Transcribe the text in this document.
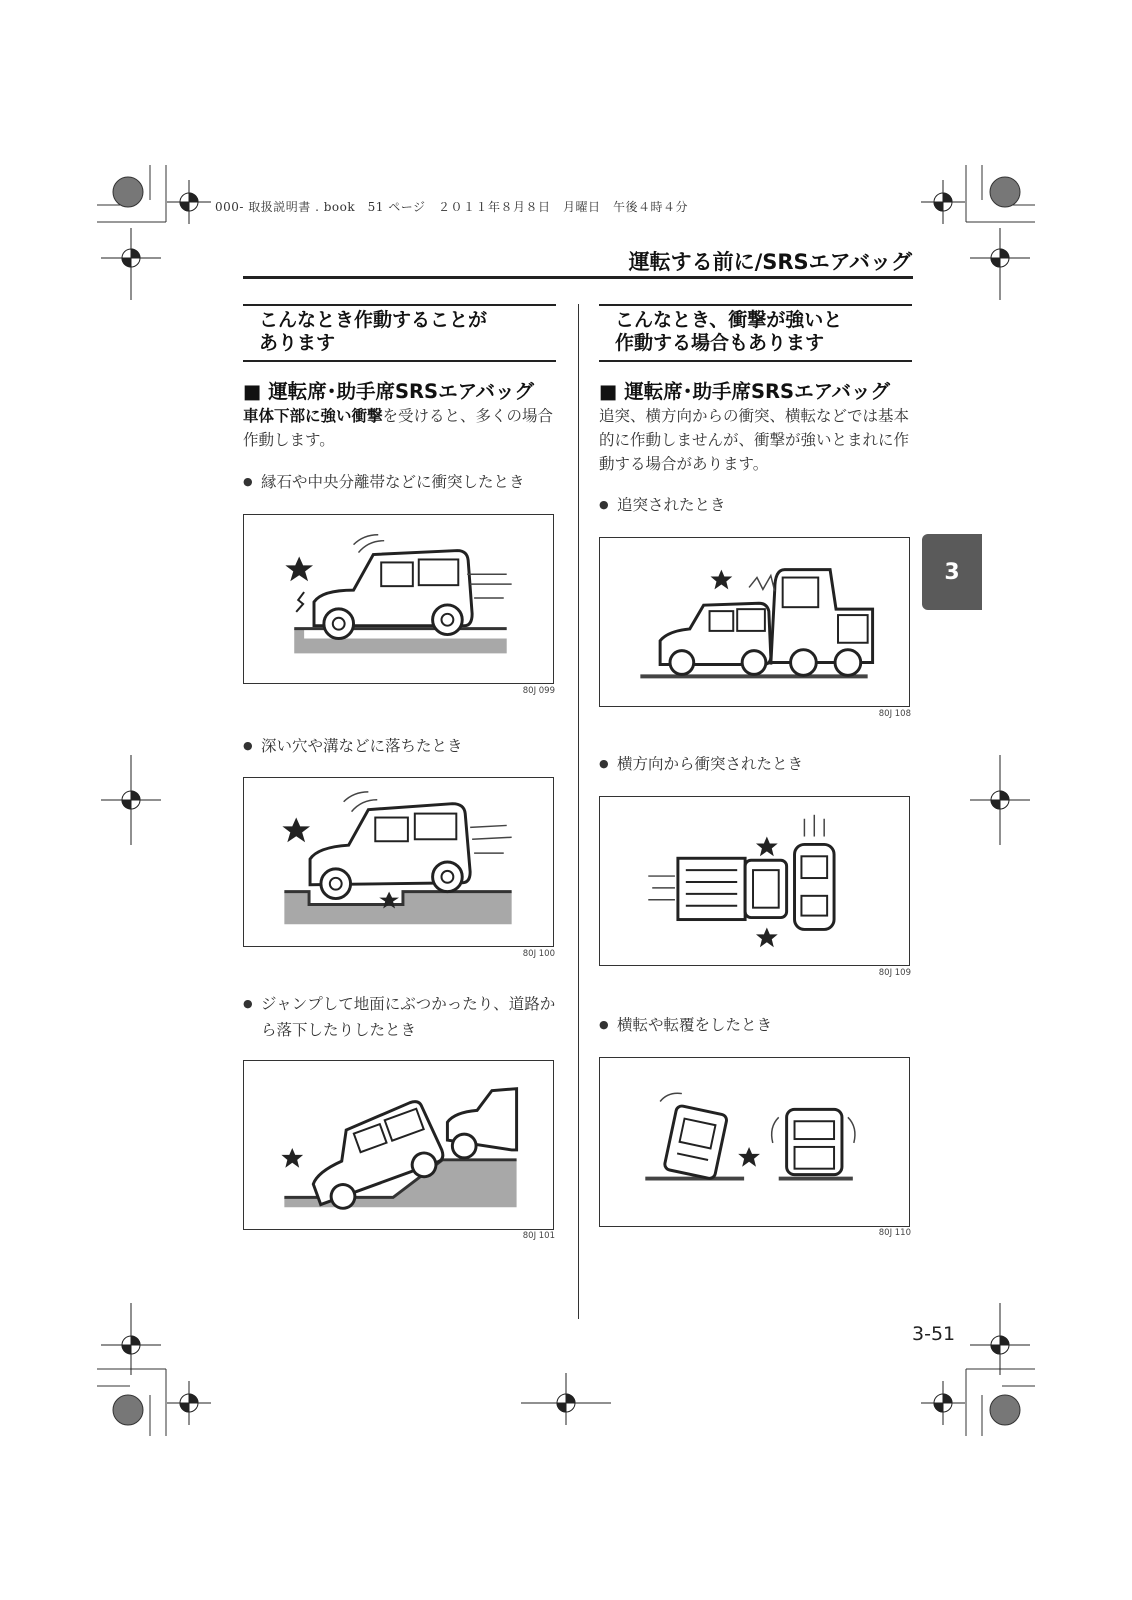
000- 取扱説明書 . book　51 ページ　２０１１年８月８日　月曜日　午後４時４分
運転する前に/SRSエアバッグ
3
3-51
こんなとき作動することが
あります
■ 運転席･助手席SRSエアバッグ
車体下部に強い衝撃を受けると、多くの場合作動します。
● 縁石や中央分離帯などに衝突したとき
80J 099
● 深い穴や溝などに落ちたとき
80J 100
● ジャンプして地面にぶつかったり、道路から落下したりしたとき
80J 101
こんなとき、衝撃が強いと
作動する場合もあります
■ 運転席･助手席SRSエアバッグ
追突、横方向からの衝突、横転などでは基本的に作動しませんが、衝撃が強いとまれに作動する場合があります。
● 追突されたとき
80J 108
● 横方向から衝突されたとき
80J 109
● 横転や転覆をしたとき
80J 110
